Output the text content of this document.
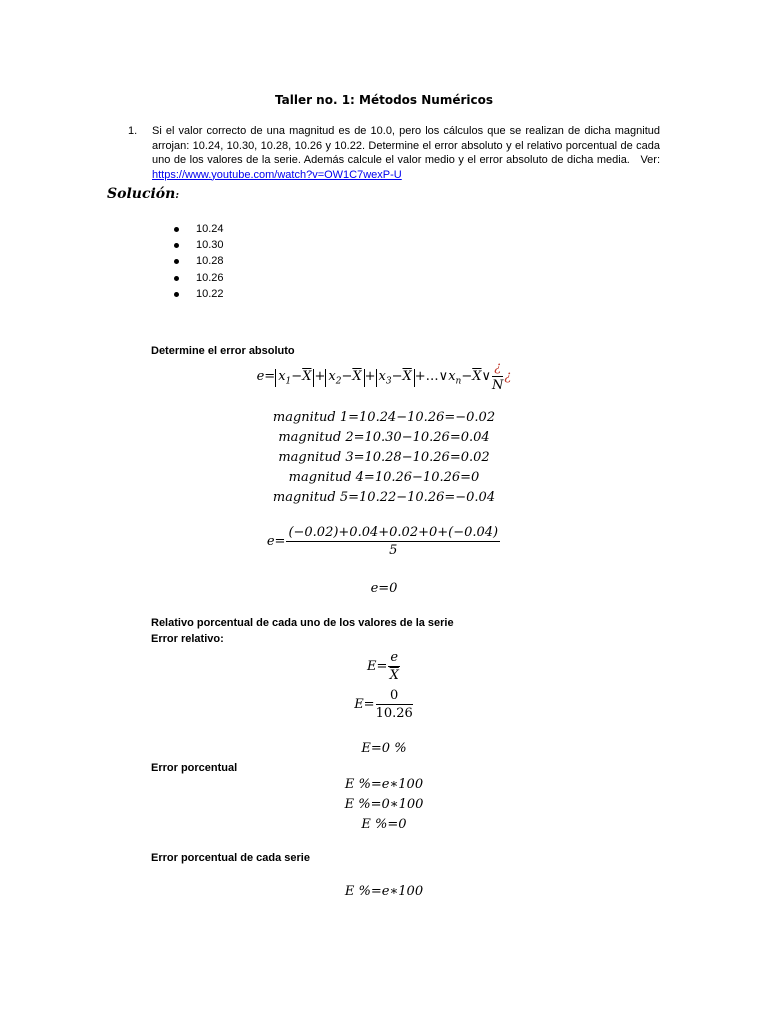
Taller no. 1: Métodos Numéricos
1. Si el valor correcto de una magnitud es de 10.0, pero los cálculos que se realizan de dicha magnitud arrojan: 10.24, 10.30, 10.28, 10.26 y 10.22. Determine el error absoluto y el relativo porcentual de cada uno de los valores de la serie. Además calcule el valor medio y el error absoluto de dicha media. Ver: https://www.youtube.com/watch?v=OW1C7wexP-U
Solución:
10.24
10.30
10.28
10.26
10.22
Determine el error absoluto
$e= x_1-\overline{X} + x_2-\overline{X} + x_3-\overline{X}$ $+\dots\vee x_n-\overline{X}\vee \frac{¿}{N}$ ¿
magnitud 1=10.24−10.26=−0.02
magnitud 2=10.30−10.26=0.04
magnitud 3=10.28−10.26=0.02
magnitud 4=10.26−10.26=0
magnitud 5=10.22−10.26=−0.04
$e= \frac{(-0.02)+0.04+0.02+0+(-0.04)}{5}$
e=0
Relativo porcentual de cada uno de los valores de la serie
Error relativo:
$E= \frac{e}{X}$
$E= \frac{0}{10.26}$
E=0 %
Error porcentual
E %=e∗100
E %=0∗100
E %=0
Error porcentual de cada serie
E %=e∗100
